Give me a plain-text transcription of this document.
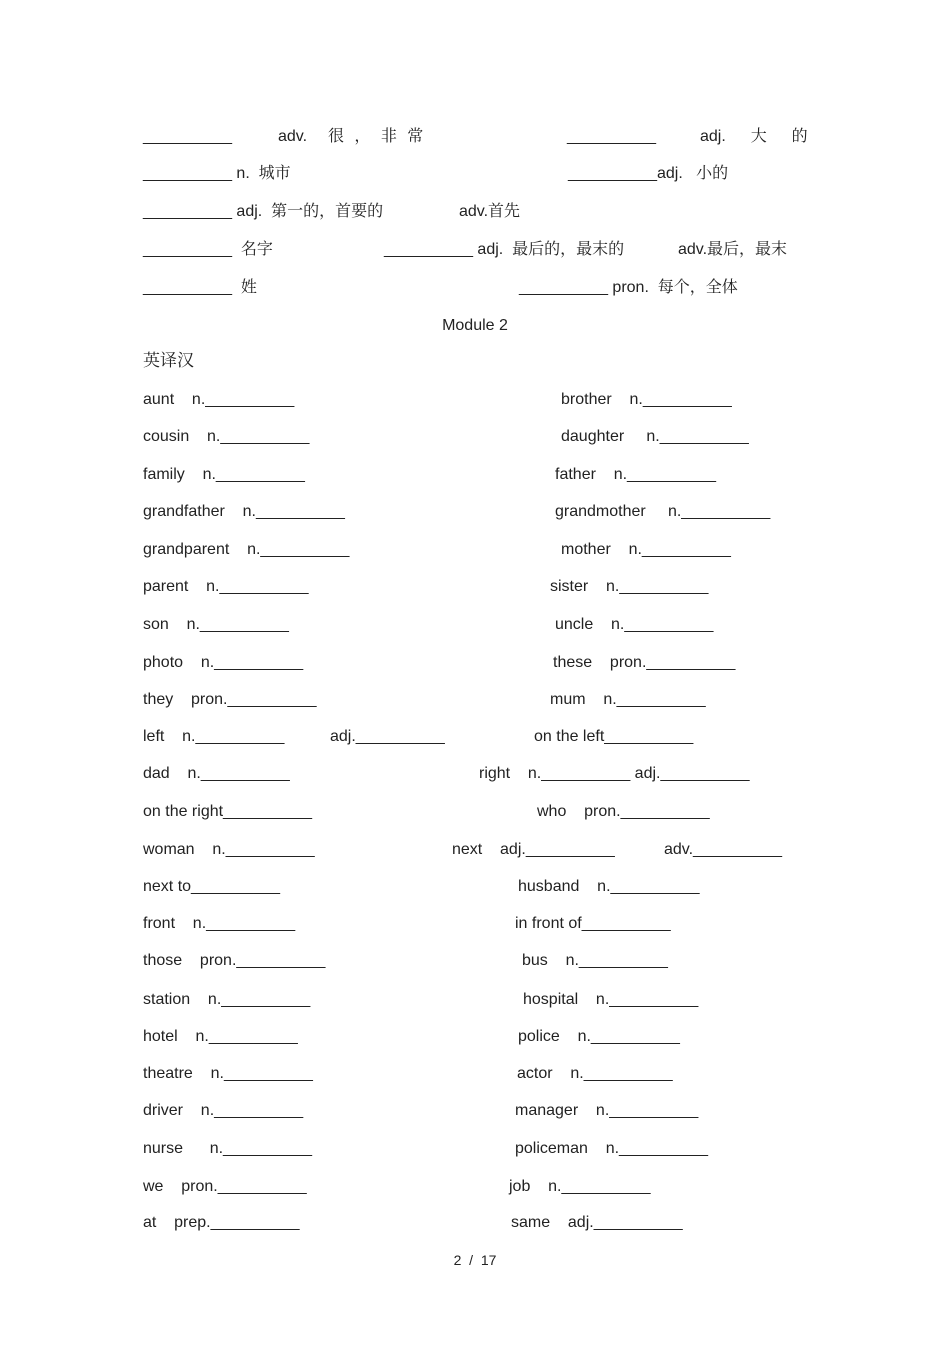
__________	adv.  很 ， 非 常	__________	adj.  大  的
__________ n.  城市	__________adj.   小的
__________ adj.  第一的，首要的	adv.首先
__________  名字	__________ adj.  最后的，最末的	adv.最后，最末
__________  姓	__________ pron.  每个，全体
Module 2
英译汉
aunt    n.__________	brother    n.__________
cousin    n.__________	daughter     n.__________
family    n.__________	father    n.__________
grandfather    n.__________	grandmother     n.__________
grandparent    n.__________	mother    n.__________
parent    n.__________	sister    n.__________
son    n.__________	uncle    n.__________
photo    n.__________	these    pron.__________
they    pron.__________	mum    n.__________
left    n.__________	adj.__________	on the left__________
dad    n.__________	right    n.__________ adj.__________
on the right__________	who    pron.__________
woman    n.__________	next    adj.__________	adv.__________
next to__________	husband    n.__________
front    n.__________	in front of__________
those    pron.__________	bus    n.__________
station    n.__________	hospital    n.__________
hotel    n.__________	police    n.__________
theatre    n.__________	actor    n.__________
driver    n.__________	manager    n.__________
nurse      n.__________	policeman    n.__________
we    pron.__________	job    n.__________
at    prep.__________	same    adj.__________
2  /  17
